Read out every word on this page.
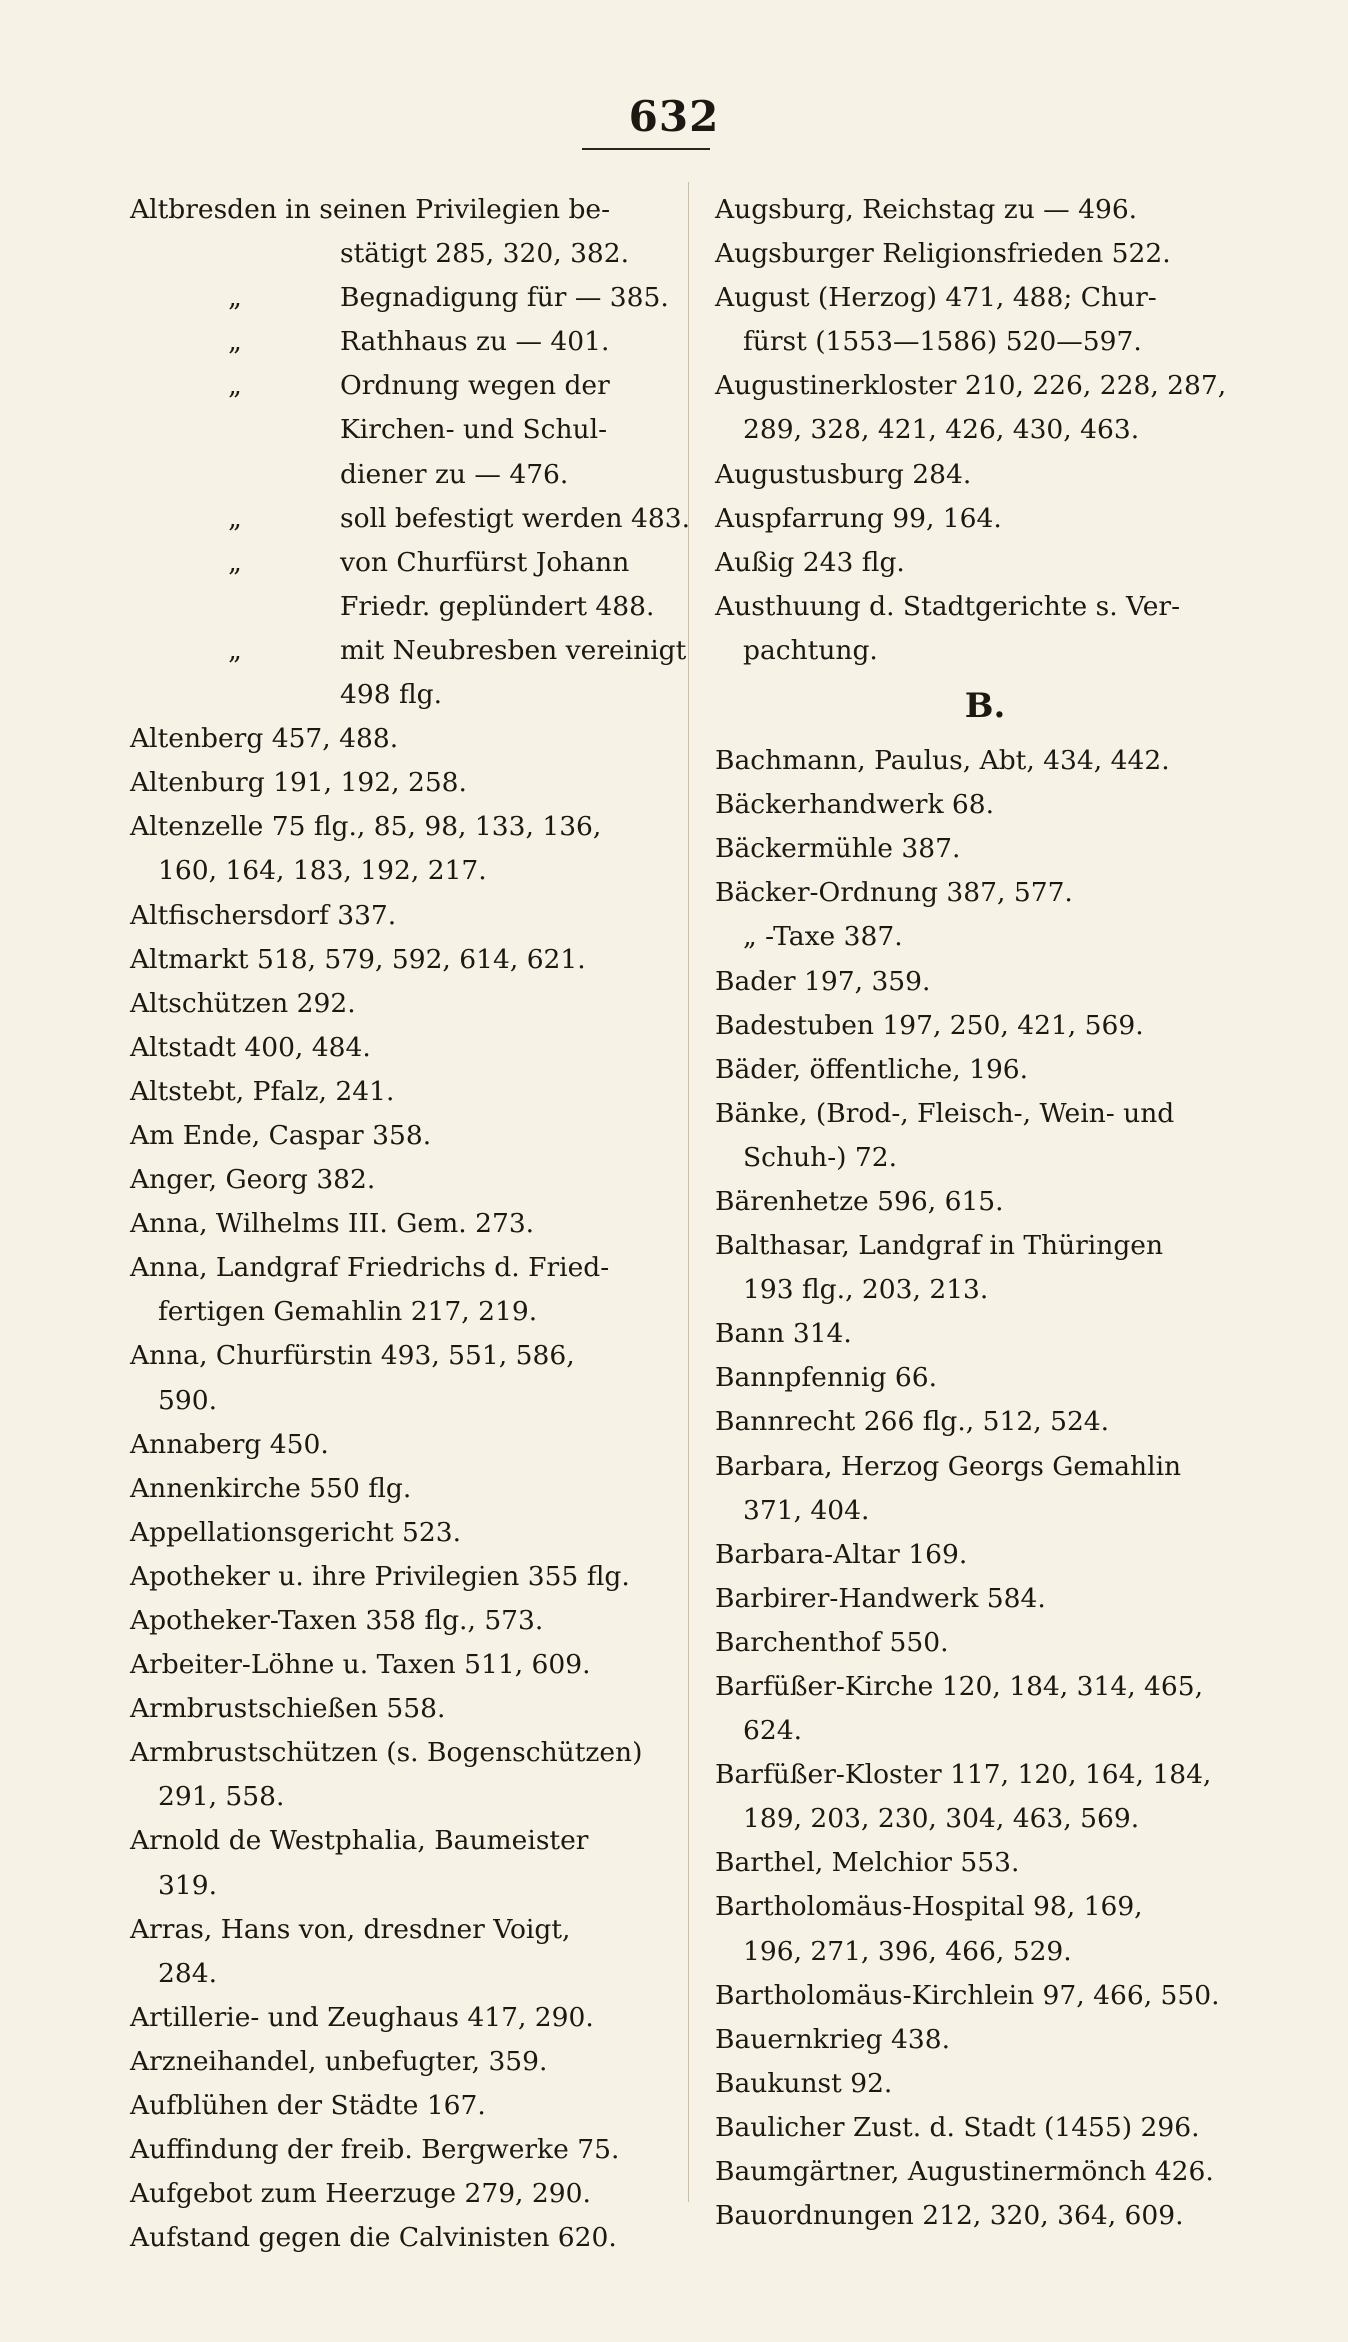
632
Altbresden in seinen Privilegien be-
stätigt 285, 320, 382.
„	Begnadigung für — 385.
„	Rathhaus zu — 401.
„	Ordnung wegen der
Kirchen- und Schul-
diener zu — 476.
„	soll befestigt werden 483.
„	von Churfürst Johann
Friedr. geplündert 488.
„	mit Neubresben vereinigt
498 flg.
Altenberg 457, 488.
Altenburg 191, 192, 258.
Altenzelle 75 flg., 85, 98, 133, 136,
160, 164, 183, 192, 217.
Altfischersdorf 337.
Altmarkt 518, 579, 592, 614, 621.
Altschützen 292.
Altstadt 400, 484.
Altstebt, Pfalz, 241.
Am Ende, Caspar 358.
Anger, Georg 382.
Anna, Wilhelms III. Gem. 273.
Anna, Landgraf Friedrichs d. Fried-
fertigen Gemahlin 217, 219.
Anna, Churfürstin 493, 551, 586,
590.
Annaberg 450.
Annenkirche 550 flg.
Appellationsgericht 523.
Apotheker u. ihre Privilegien 355 flg.
Apotheker-Taxen 358 flg., 573.
Arbeiter-Löhne u. Taxen 511, 609.
Armbrustschießen 558.
Armbrustschützen (s. Bogenschützen)
291, 558.
Arnold de Westphalia, Baumeister
319.
Arras, Hans von, dresdner Voigt,
284.
Artillerie- und Zeughaus 417, 290.
Arzneihandel, unbefugter, 359.
Aufblühen der Städte 167.
Auffindung der freib. Bergwerke 75.
Aufgebot zum Heerzuge 279, 290.
Aufstand gegen die Calvinisten 620.
Augsburg, Reichstag zu — 496.
Augsburger Religionsfrieden 522.
August (Herzog) 471, 488; Chur-
fürst (1553—1586) 520—597.
Augustinerkloster 210, 226, 228, 287,
289, 328, 421, 426, 430, 463.
Augustusburg 284.
Auspfarrung 99, 164.
Außig 243 flg.
Austhuung d. Stadtgerichte s. Ver-
pachtung.
B.
Bachmann, Paulus, Abt, 434, 442.
Bäckerhandwerk 68.
Bäckermühle 387.
Bäcker-Ordnung 387, 577.
„ -Taxe 387.
Bader 197, 359.
Badestuben 197, 250, 421, 569.
Bäder, öffentliche, 196.
Bänke, (Brod-, Fleisch-, Wein- und
Schuh-) 72.
Bärenhetze 596, 615.
Balthasar, Landgraf in Thüringen
193 flg., 203, 213.
Bann 314.
Bannpfennig 66.
Bannrecht 266 flg., 512, 524.
Barbara, Herzog Georgs Gemahlin
371, 404.
Barbara-Altar 169.
Barbirer-Handwerk 584.
Barchenthof 550.
Barfüßer-Kirche 120, 184, 314, 465,
624.
Barfüßer-Kloster 117, 120, 164, 184,
189, 203, 230, 304, 463, 569.
Barthel, Melchior 553.
Bartholomäus-Hospital 98, 169,
196, 271, 396, 466, 529.
Bartholomäus-Kirchlein 97, 466, 550.
Bauernkrieg 438.
Baukunst 92.
Baulicher Zust. d. Stadt (1455) 296.
Baumgärtner, Augustinermönch 426.
Bauordnungen 212, 320, 364, 609.
